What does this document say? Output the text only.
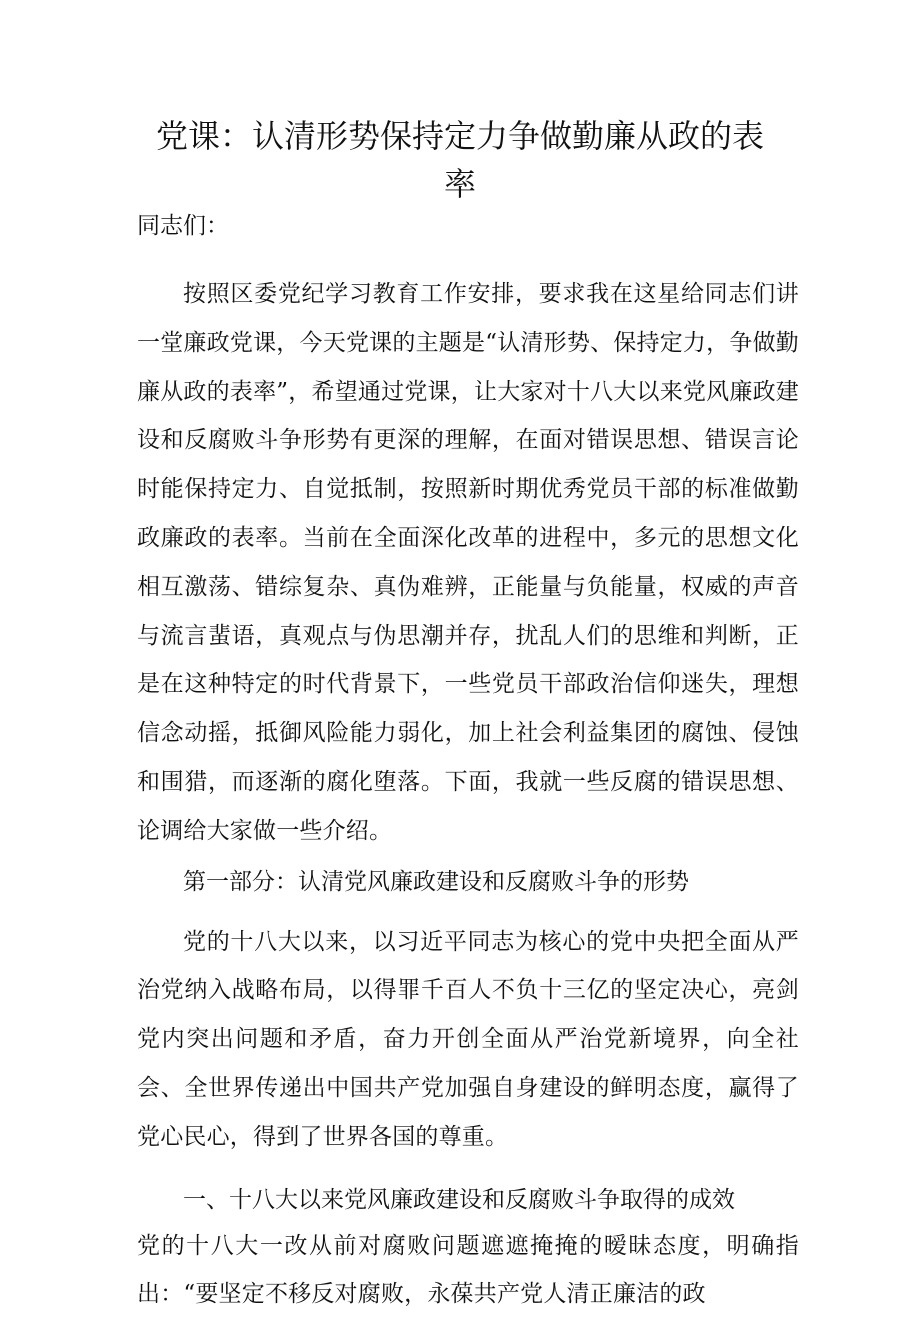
党课：认清形势保持定力争做勤廉从政的表率

同志们：

按照区委党纪学习教育工作安排，要求我在这星给同志们讲一堂廉政党课，今天党课的主题是“认清形势、保持定力，争做勤廉从政的表率”，希望通过党课，让大家对十八大以来党风廉政建设和反腐败斗争形势有更深的理解，在面对错误思想、错误言论时能保持定力、自觉抵制，按照新时期优秀党员干部的标准做勤政廉政的表率。当前在全面深化改革的进程中，多元的思想文化相互激荡、错综复杂、真伪难辨，正能量与负能量，权威的声音与流言蜚语，真观点与伪思潮并存，扰乱人们的思维和判断，正是在这种特定的时代背景下，一些党员干部政治信仰迷失，理想信念动摇，抵御风险能力弱化，加上社会利益集团的腐蚀、侵蚀和围猎，而逐渐的腐化堕落。下面，我就一些反腐的错误思想、论调给大家做一些介绍。

第一部分：认清党风廉政建设和反腐败斗争的形势

党的十八大以来，以习近平同志为核心的党中央把全面从严治党纳入战略布局，以得罪千百人不负十三亿的坚定决心，亮剑党内突出问题和矛盾，奋力开创全面从严治党新境界，向全社会、全世界传递出中国共产党加强自身建设的鲜明态度，赢得了党心民心，得到了世界各国的尊重。

一、十八大以来党风廉政建设和反腐败斗争取得的成效

党的十八大一改从前对腐败问题遮遮掩掩的暧昧态度，明确指出：“要坚定不移反对腐败，永葆共产党人清正廉洁的政
